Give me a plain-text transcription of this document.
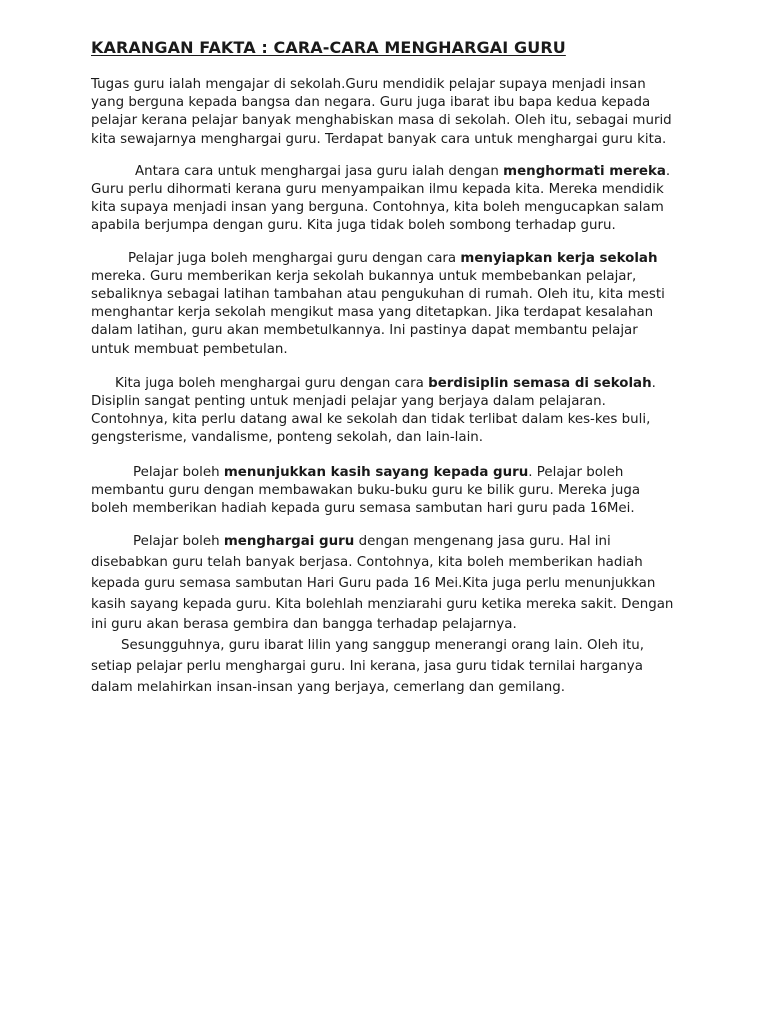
KARANGAN FAKTA : CARA-CARA MENGHARGAI GURU

Tugas guru ialah mengajar di sekolah.Guru mendidik pelajar supaya menjadi insan yang berguna kepada bangsa dan negara. Guru juga ibarat ibu bapa kedua kepada pelajar kerana pelajar banyak menghabiskan masa di sekolah. Oleh itu, sebagai murid kita sewajarnya menghargai guru. Terdapat banyak cara untuk menghargai guru kita.

Antara cara untuk menghargai jasa guru ialah dengan menghormati mereka. Guru perlu dihormati kerana guru menyampaikan ilmu kepada kita. Mereka mendidik kita supaya menjadi insan yang berguna. Contohnya, kita boleh mengucapkan salam apabila berjumpa dengan guru. Kita juga tidak boleh sombong terhadap guru.

Pelajar juga boleh menghargai guru dengan cara menyiapkan kerja sekolah mereka. Guru memberikan kerja sekolah bukannya untuk membebankan pelajar, sebaliknya sebagai latihan tambahan atau pengukuhan di rumah. Oleh itu, kita mesti menghantar kerja sekolah mengikut masa yang ditetapkan. Jika terdapat kesalahan dalam latihan, guru akan membetulkannya. Ini pastinya dapat membantu pelajar untuk membuat pembetulan.

Kita juga boleh menghargai guru dengan cara berdisiplin semasa di sekolah. Disiplin sangat penting untuk menjadi pelajar yang berjaya dalam pelajaran. Contohnya, kita perlu datang awal ke sekolah dan tidak terlibat dalam kes-kes buli, gengsterisme, vandalisme, ponteng sekolah, dan lain-lain.

Pelajar boleh menunjukkan kasih sayang kepada guru. Pelajar boleh membantu guru dengan membawakan buku-buku guru ke bilik guru. Mereka juga boleh memberikan hadiah kepada guru semasa sambutan hari guru pada 16Mei.

Pelajar boleh menghargai guru dengan mengenang jasa guru. Hal ini disebabkan guru telah banyak berjasa. Contohnya, kita boleh memberikan hadiah kepada guru semasa sambutan Hari Guru pada 16 Mei.Kita juga perlu menunjukkan kasih sayang kepada guru. Kita bolehlah menziarahi guru ketika mereka sakit. Dengan ini guru akan berasa gembira dan bangga terhadap pelajarnya.

Sesungguhnya, guru ibarat lilin yang sanggup menerangi orang lain. Oleh itu, setiap pelajar perlu menghargai guru. Ini kerana, jasa guru tidak ternilai harganya dalam melahirkan insan-insan yang berjaya, cemerlang dan gemilang.
